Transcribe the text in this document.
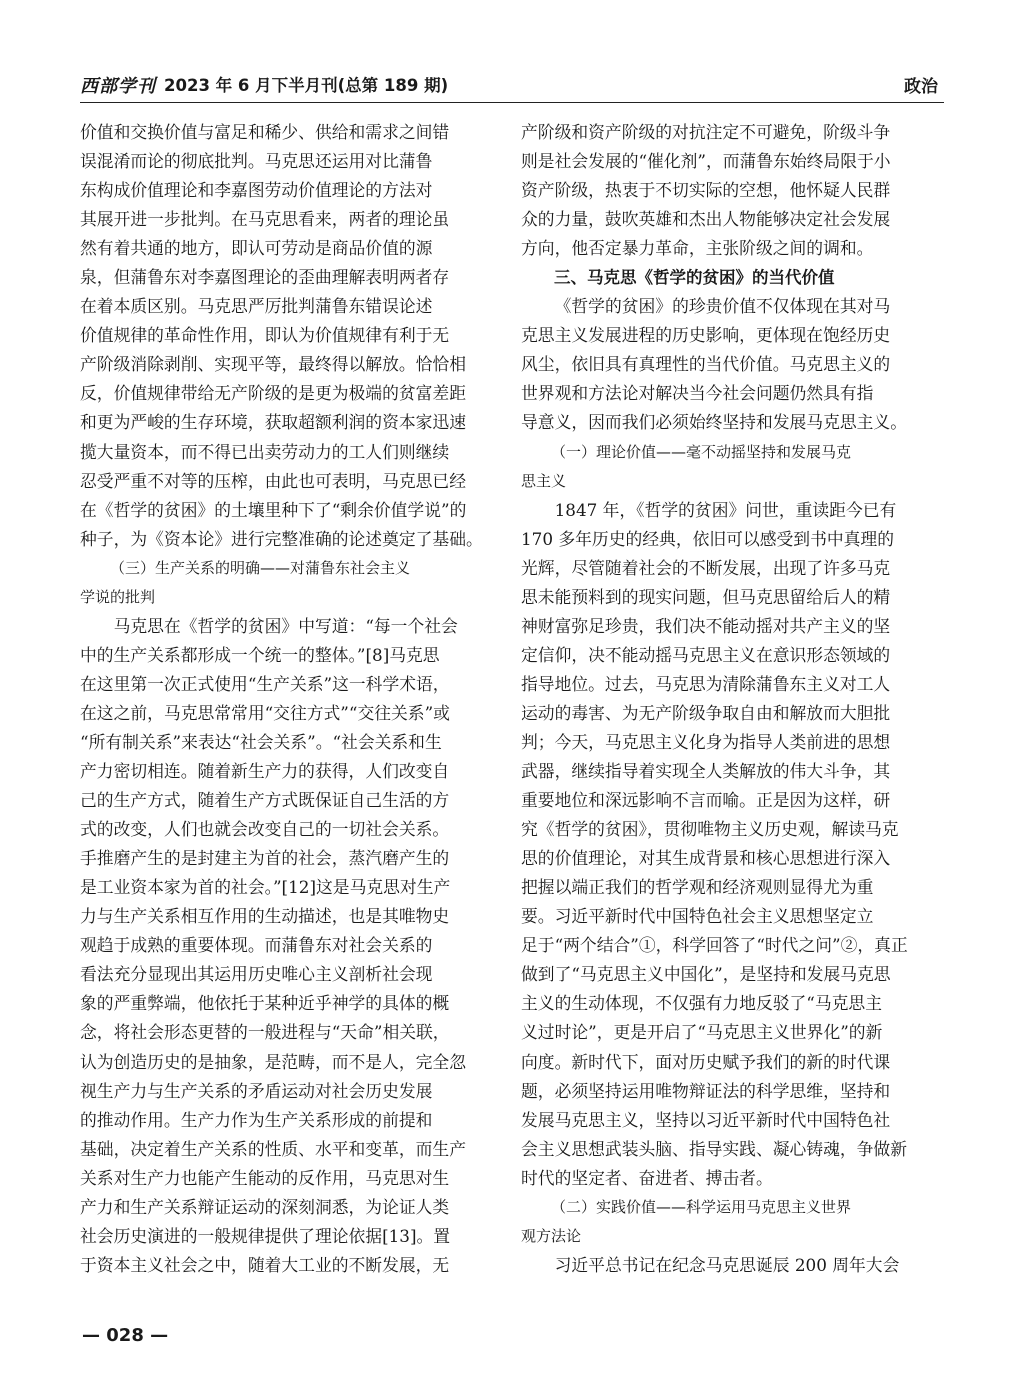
西部学刊 2023 年 6 月下半月刊(总第 189 期)	政治
价值和交换价值与富足和稀少、供给和需求之间错
误混淆而论的彻底批判。马克思还运用对比蒲鲁
东构成价值理论和李嘉图劳动价值理论的方法对
其展开进一步批判。在马克思看来，两者的理论虽
然有着共通的地方，即认可劳动是商品价值的源
泉，但蒲鲁东对李嘉图理论的歪曲理解表明两者存
在着本质区别。马克思严厉批判蒲鲁东错误论述
价值规律的革命性作用，即认为价值规律有利于无
产阶级消除剥削、实现平等，最终得以解放。恰恰相
反，价值规律带给无产阶级的是更为极端的贫富差距
和更为严峻的生存环境，获取超额利润的资本家迅速
揽大量资本，而不得已出卖劳动力的工人们则继续
忍受严重不对等的压榨，由此也可表明，马克思已经
在《哲学的贫困》的土壤里种下了“剩余价值学说”的
种子，为《资本论》进行完整准确的论述奠定了基础。
（三）生产关系的明确——对蒲鲁东社会主义
学说的批判
马克思在《哲学的贫困》中写道：“每一个社会
中的生产关系都形成一个统一的整体。”[8]马克思
在这里第一次正式使用“生产关系”这一科学术语，
在这之前，马克思常常用“交往方式”“交往关系”或
“所有制关系”来表达“社会关系”。“社会关系和生
产力密切相连。随着新生产力的获得，人们改变自
己的生产方式，随着生产方式既保证自己生活的方
式的改变，人们也就会改变自己的一切社会关系。
手推磨产生的是封建主为首的社会，蒸汽磨产生的
是工业资本家为首的社会。”[12]这是马克思对生产
力与生产关系相互作用的生动描述，也是其唯物史
观趋于成熟的重要体现。而蒲鲁东对社会关系的
看法充分显现出其运用历史唯心主义剖析社会现
象的严重弊端，他依托于某种近乎神学的具体的概
念，将社会形态更替的一般进程与“天命”相关联，
认为创造历史的是抽象，是范畴，而不是人，完全忽
视生产力与生产关系的矛盾运动对社会历史发展
的推动作用。生产力作为生产关系形成的前提和
基础，决定着生产关系的性质、水平和变革，而生产
关系对生产力也能产生能动的反作用，马克思对生
产力和生产关系辩证运动的深刻洞悉，为论证人类
社会历史演进的一般规律提供了理论依据[13]。置
于资本主义社会之中，随着大工业的不断发展，无
产阶级和资产阶级的对抗注定不可避免，阶级斗争
则是社会发展的“催化剂”，而蒲鲁东始终局限于小
资产阶级，热衷于不切实际的空想，他怀疑人民群
众的力量，鼓吹英雄和杰出人物能够决定社会发展
方向，他否定暴力革命，主张阶级之间的调和。
三、马克思《哲学的贫困》的当代价值
《哲学的贫困》的珍贵价值不仅体现在其对马
克思主义发展进程的历史影响，更体现在饱经历史
风尘，依旧具有真理性的当代价值。马克思主义的
世界观和方法论对解决当今社会问题仍然具有指
导意义，因而我们必须始终坚持和发展马克思主义。
（一）理论价值——毫不动摇坚持和发展马克
思主义
1847 年，《哲学的贫困》问世，重读距今已有
170 多年历史的经典，依旧可以感受到书中真理的
光辉，尽管随着社会的不断发展，出现了许多马克
思未能预料到的现实问题，但马克思留给后人的精
神财富弥足珍贵，我们决不能动摇对共产主义的坚
定信仰，决不能动摇马克思主义在意识形态领域的
指导地位。过去，马克思为清除蒲鲁东主义对工人
运动的毒害、为无产阶级争取自由和解放而大胆批
判；今天，马克思主义化身为指导人类前进的思想
武器，继续指导着实现全人类解放的伟大斗争，其
重要地位和深远影响不言而喻。正是因为这样，研
究《哲学的贫困》，贯彻唯物主义历史观，解读马克
思的价值理论，对其生成背景和核心思想进行深入
把握以端正我们的哲学观和经济观则显得尤为重
要。习近平新时代中国特色社会主义思想坚定立
足于“两个结合”①，科学回答了“时代之问”②，真正
做到了“马克思主义中国化”，是坚持和发展马克思
主义的生动体现，不仅强有力地反驳了“马克思主
义过时论”，更是开启了“马克思主义世界化”的新
向度。新时代下，面对历史赋予我们的新的时代课
题，必须坚持运用唯物辩证法的科学思维，坚持和
发展马克思主义，坚持以习近平新时代中国特色社
会主义思想武装头脑、指导实践、凝心铸魂，争做新
时代的坚定者、奋进者、搏击者。
（二）实践价值——科学运用马克思主义世界
观方法论
习近平总书记在纪念马克思诞辰 200 周年大会
— 028 —
